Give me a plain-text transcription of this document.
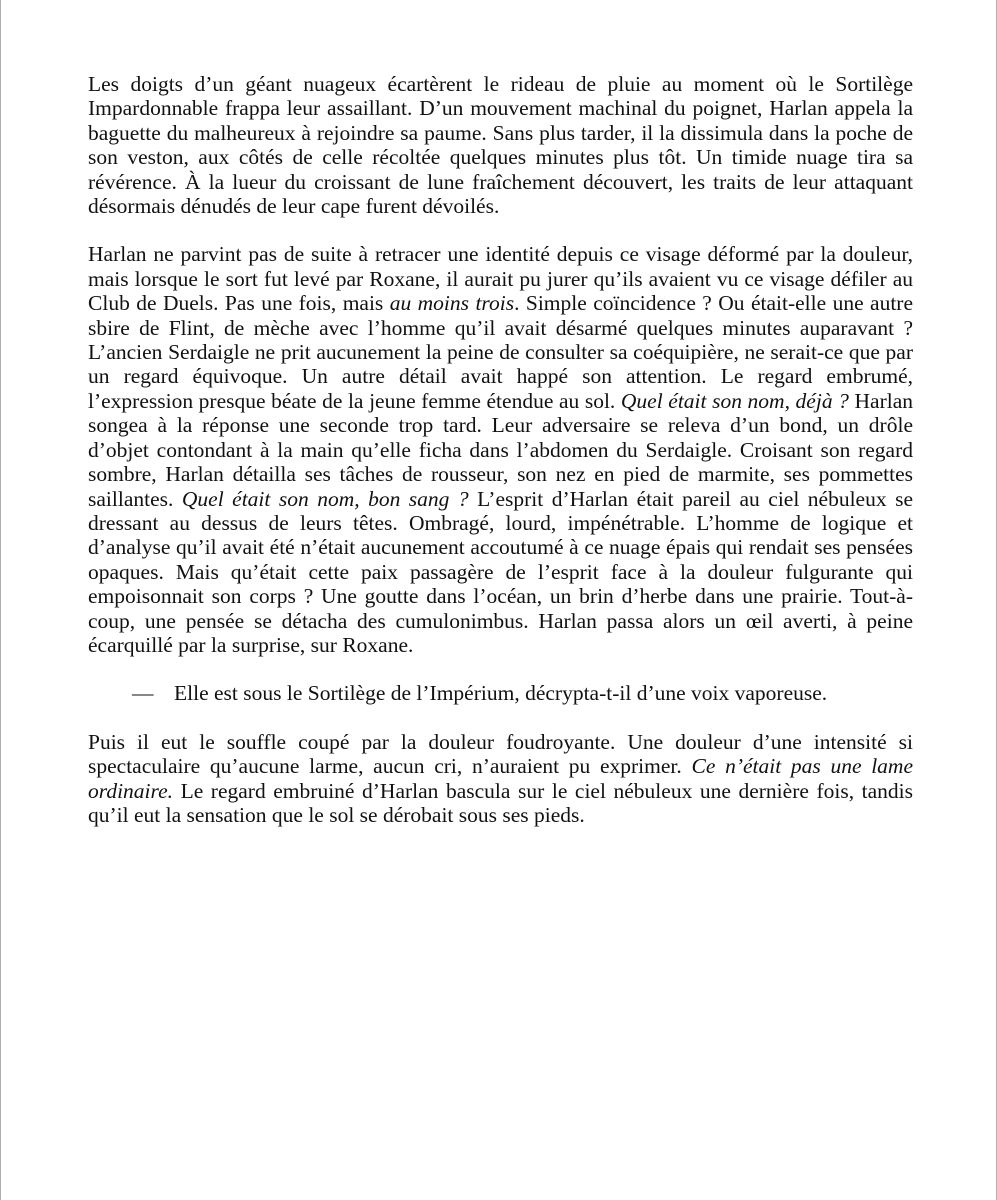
Les doigts d’un géant nuageux écartèrent le rideau de pluie au moment où le Sortilège Impardonnable frappa leur assaillant. D’un mouvement machinal du poignet, Harlan appela la baguette du malheureux à rejoindre sa paume. Sans plus tarder, il la dissimula dans la poche de son veston, aux côtés de celle récoltée quelques minutes plus tôt. Un timide nuage tira sa révérence. À la lueur du croissant de lune fraîchement découvert, les traits de leur attaquant désormais dénudés de leur cape furent dévoilés.

Harlan ne parvint pas de suite à retracer une identité depuis ce visage déformé par la douleur, mais lorsque le sort fut levé par Roxane, il aurait pu jurer qu’ils avaient vu ce visage défiler au Club de Duels. Pas une fois, mais au moins trois. Simple coïncidence ? Ou était-elle une autre sbire de Flint, de mèche avec l’homme qu’il avait désarmé quelques minutes auparavant ? L’ancien Serdaigle ne prit aucunement la peine de consulter sa coéquipière, ne serait-ce que par un regard équivoque. Un autre détail avait happé son attention. Le regard embrumé, l’expression presque béate de la jeune femme étendue au sol. Quel était son nom, déjà ? Harlan songea à la réponse une seconde trop tard. Leur adversaire se releva d’un bond, un drôle d’objet contondant à la main qu’elle ficha dans l’abdomen du Serdaigle. Croisant son regard sombre, Harlan détailla ses tâches de rousseur, son nez en pied de marmite, ses pommettes saillantes. Quel était son nom, bon sang ? L’esprit d’Harlan était pareil au ciel nébuleux se dressant au dessus de leurs têtes. Ombragé, lourd, impénétrable. L’homme de logique et d’analyse qu’il avait été n’était aucunement accoutumé à ce nuage épais qui rendait ses pensées opaques. Mais qu’était cette paix passagère de l’esprit face à la douleur fulgurante qui empoisonnait son corps ? Une goutte dans l’océan, un brin d’herbe dans une prairie. Tout-à-coup, une pensée se détacha des cumulonimbus. Harlan passa alors un œil averti, à peine écarquillé par la surprise, sur Roxane.

— Elle est sous le Sortilège de l’Impérium, décrypta-t-il d’une voix vaporeuse.

Puis il eut le souffle coupé par la douleur foudroyante. Une douleur d’une intensité si spectaculaire qu’aucune larme, aucun cri, n’auraient pu exprimer. Ce n’était pas une lame ordinaire. Le regard embruiné d’Harlan bascula sur le ciel nébuleux une dernière fois, tandis qu’il eut la sensation que le sol se dérobait sous ses pieds.
